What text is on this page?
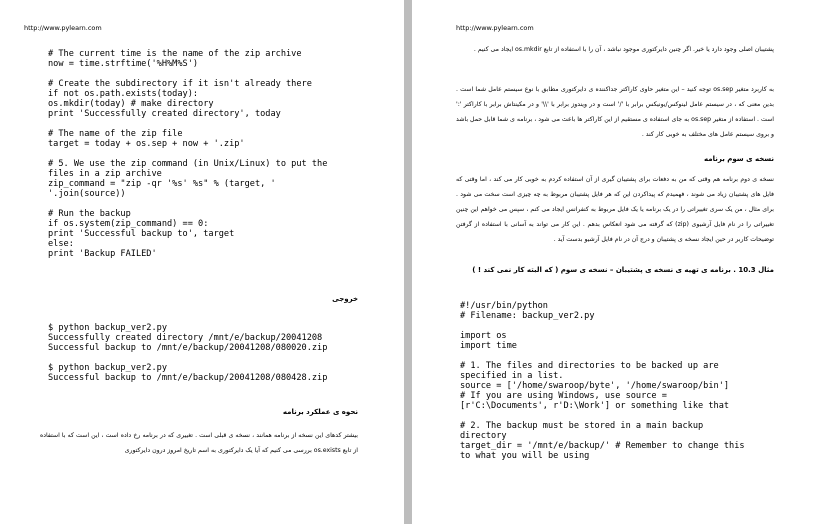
http://www.pylearn.com
# The current time is the name of the zip archive
now = time.strftime('%H%M%S')

# Create the subdirectory if it isn't already there
if not os.path.exists(today):
os.mkdir(today) # make directory
print 'Successfully created directory', today

# The name of the zip file
target = today + os.sep + now + '.zip'

# 5. We use the zip command (in Unix/Linux) to put the
files in a zip archive
zip_command = "zip -qr '%s' %s" % (target, '
'.join(source))

# Run the backup
if os.system(zip_command) == 0:
print 'Successful backup to', target
else:
print 'Backup FAILED'
خروجی
$ python backup_ver2.py
Successfully created directory /mnt/e/backup/20041208
Successful backup to /mnt/e/backup/20041208/080020.zip

$ python backup_ver2.py
Successful backup to /mnt/e/backup/20041208/080428.zip
نحوه ی عملکرد برنامه
بیشتر کدهای این نسخه از برنامه همانند ، نسخه ی قبلی است . تغییری که در برنامه رخ داده است ، این است که با استفاده از تابع os.exists بررسی می کنیم که آیا یک دایرکتوری به اسم تاریخ امروز درون دایرکتوری
http://www.pylearn.com
پشتیبان اصلی وجود دارد یا خیر. اگر چنین دایرکتوری موجود نباشد ، آن را با استفاده از تابع os.mkdir ایجاد می کنیم .
به کاربرد متغیر os.sep توجه کنید – این متغیر حاوی کاراکتر جداکننده ی دایرکتوری مطابق با نوع سیستم عامل شما است . بدین معنی که ، در سیستم عامل لینوکس/یونیکس برابر با '/' است و در ویندوز برابر با '\\' و در مکینتاش برابر با کاراکتر ':' است . استفاده از متغیر os.sep به جای استفاده ی مستقیم از این کاراکتر ها باعث می شود ، برنامه ی شما قابل حمل باشد و بروی سیستم عامل های مختلف به خوبی کار کند .
نسخه ی سوم برنامه
نسخه ی دوم برنامه هم وقتی که من به دفعات برای پشتیبان گیری از آن استفاده کردم به خوبی کار می کند ، اما وقتی که فایل های پشتیبان زیاد می شوند ، فهمیدم که پیداکردن این که هر فایل پشتیبان مربوط به چه چیزی است سخت می شود . برای مثال ، من یک سری تغییراتی را در یک برنامه یا یک فایل مربوط به کنفرانس ایجاد می کنم ، سپس می خواهم این چنین تغییراتی را در نام فایل آرشیوی (zip) که گرفته می شود انعکاس بدهم . این کار می تواند به آسانی با استفاده از گرفتن توضیحات کاربر در حین ایجاد نسخه ی پشتیبان و درج آن در نام فایل آرشیو بدست آید .
مثال 10.3 . برنامه ی تهیه ی نسخه ی پشتیبان – نسخه ی سوم ( که البته کار نمی کند ! )
#!/usr/bin/python
# Filename: backup_ver2.py

import os
import time

# 1. The files and directories to be backed up are
specified in a list.
source = ['/home/swaroop/byte', '/home/swaroop/bin']
# If you are using Windows, use source =
[r'C:\Documents', r'D:\Work'] or something like that

# 2. The backup must be stored in a main backup
directory
target_dir = '/mnt/e/backup/' # Remember to change this
to what you will be using
